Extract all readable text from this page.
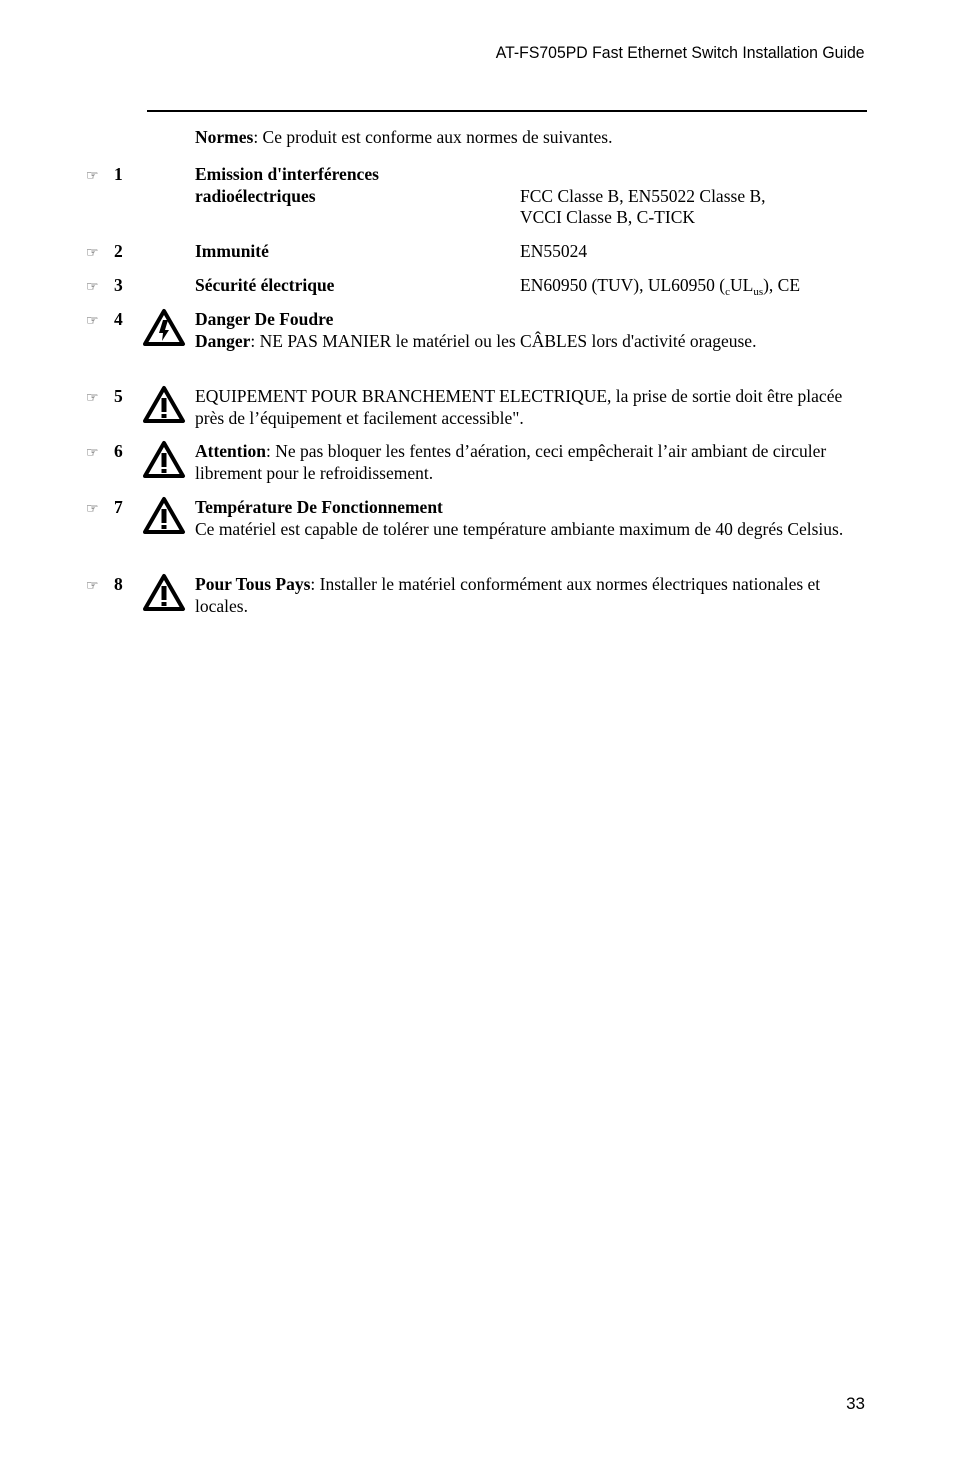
AT-FS705PD Fast Ethernet Switch Installation Guide
Normes: Ce produit est conforme aux normes de suivantes.
☞ 1	Emission d'interférences
radioélectriques	FCC Classe B, EN55022 Classe B,
VCCI Classe B, C-TICK
☞ 2	Immunité	EN55024
☞ 3	Sécurité électrique	EN60950 (TUV), UL60950 $(_cUL_{us})$, CE
☞ 4	Danger De Foudre
Danger: NE PAS MANIER le matériel ou les CÂBLES lors d'activité orageuse.
☞ 5	EQUIPEMENT POUR BRANCHEMENT ELECTRIQUE, la prise de sortie doit être placée près de l’équipement et facilement accessible".
☞ 6	Attention: Ne pas bloquer les fentes d’aération, ceci empêcherait l’air ambiant de circuler librement pour le refroidissement.
☞ 7	Température De Fonctionnement
Ce matériel est capable de tolérer une température ambiante maximum de 40 degrés Celsius.
☞ 8	Pour Tous Pays: Installer le matériel conformément aux normes électriques nationales et locales.
33
